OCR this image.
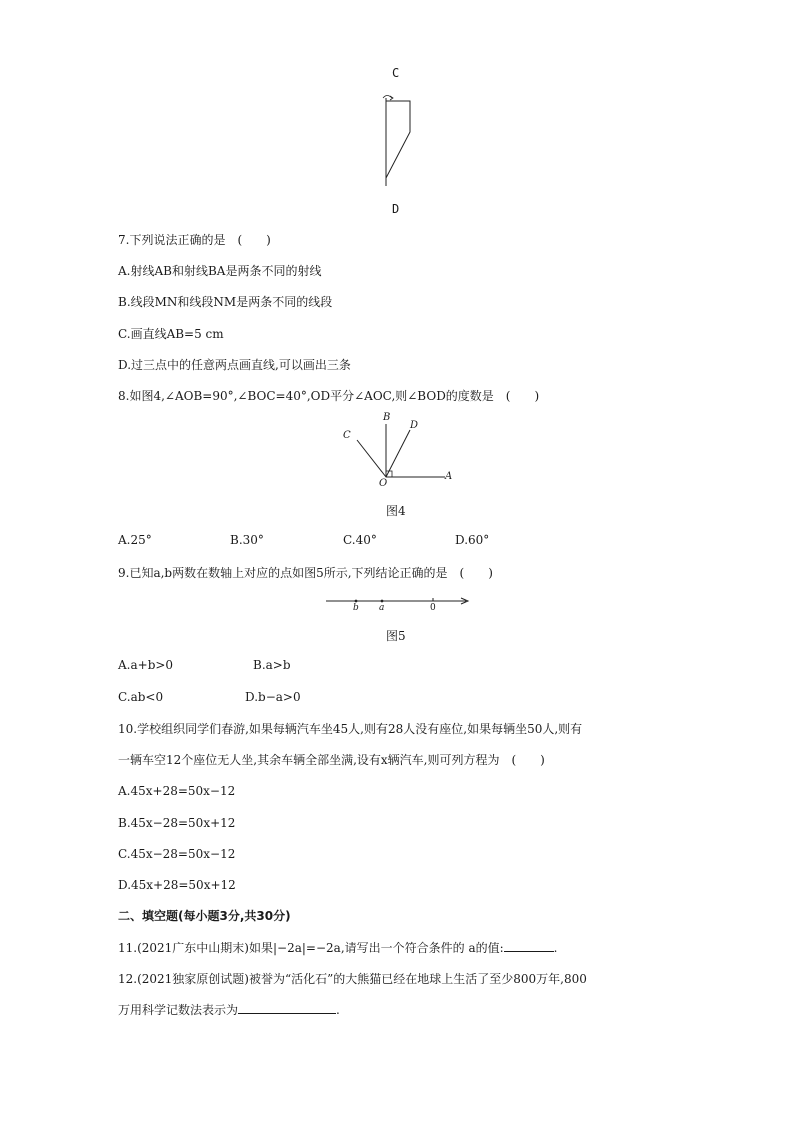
C
D
7.下列说法正确的是　(　　)
A.射线AB和射线BA是两条不同的射线
B.线段MN和线段NM是两条不同的线段
C.画直线AB=5 cm
D.过三点中的任意两点画直线,可以画出三条
8.如图4,∠AOB=90°,∠BOC=40°,OD平分∠AOC,则∠BOD的度数是　(　　)
A
B
C
D
O
图4
A.25°	B.30°	C.40°	D.60°
9.已知a,b两数在数轴上对应的点如图5所示,下列结论正确的是　(　　)
b a	0
图5
A.a+b>0	B.a>b
C.ab<0	D.b−a>0
10.学校组织同学们春游,如果每辆汽车坐45人,则有28人没有座位,如果每辆坐50人,则有
一辆车空12个座位无人坐,其余车辆全部坐满,设有x辆汽车,则可列方程为　(　　)
A.45x+28=50x−12
B.45x−28=50x+12
C.45x−28=50x−12
D.45x+28=50x+12
二、填空题(每小题3分,共30分)
11.(2021广东中山期末)如果|−2a|=−2a,请写出一个符合条件的 a的值:	.
12.(2021独家原创试题)被誉为“活化石”的大熊猫已经在地球上生活了至少800万年,800
万用科学记数法表示为	.
